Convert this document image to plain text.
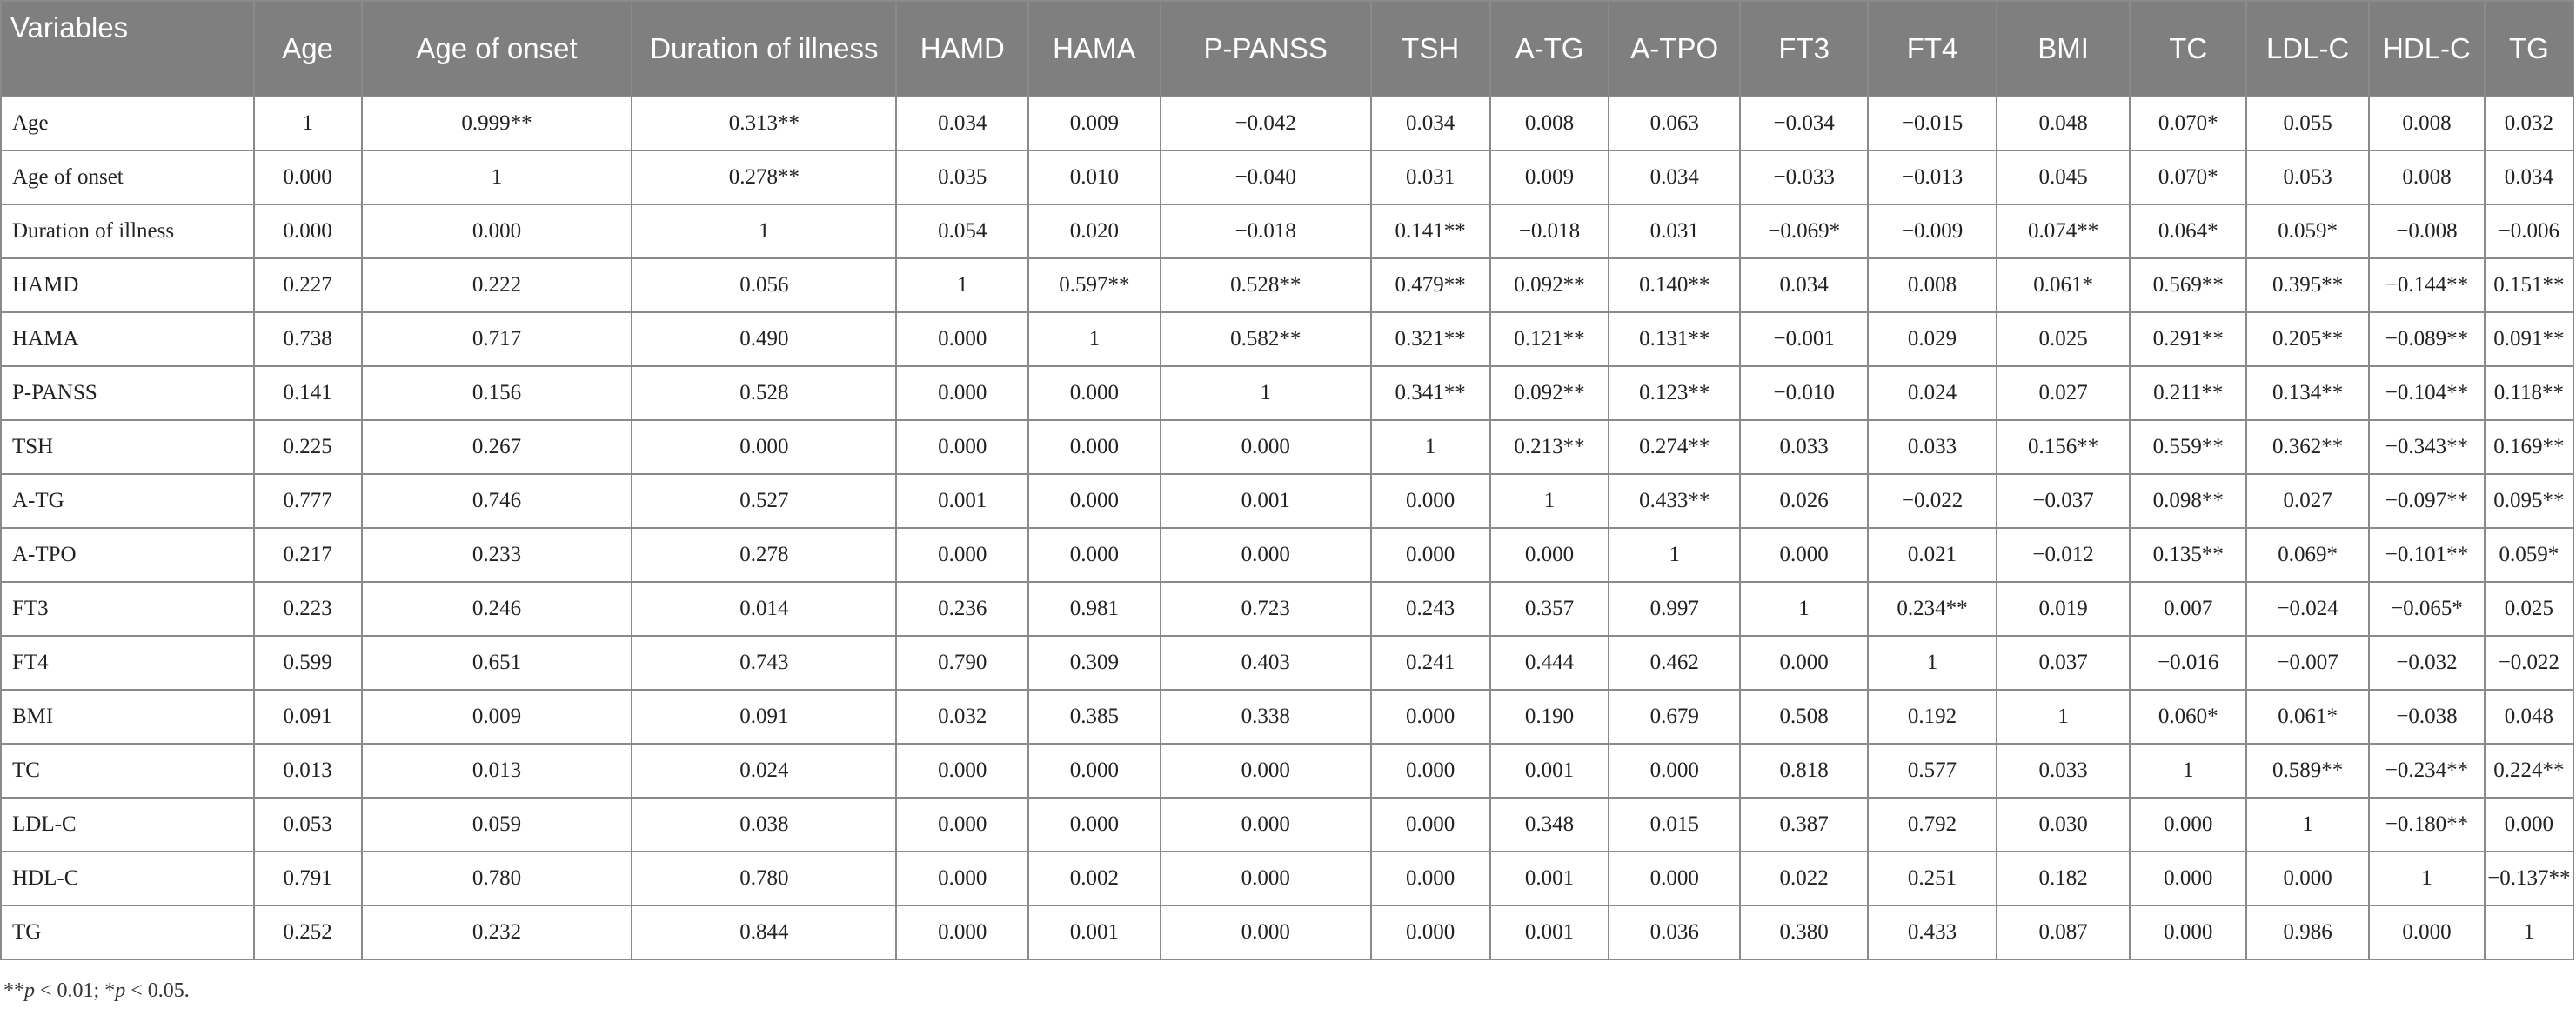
Variables	Age	Age of onset	Duration of illness	HAMD	HAMA	P-PANSS	TSH	A-TG	A-TPO	FT3	FT4	BMI	TC	LDL-C	HDL-C	TG
Age	1	0.999**	0.313**	0.034	0.009	−0.042	0.034	0.008	0.063	−0.034	−0.015	0.048	0.070*	0.055	0.008	0.032
Age of onset	0.000	1	0.278**	0.035	0.010	−0.040	0.031	0.009	0.034	−0.033	−0.013	0.045	0.070*	0.053	0.008	0.034
Duration of illness	0.000	0.000	1	0.054	0.020	−0.018	0.141**	−0.018	0.031	−0.069*	−0.009	0.074**	0.064*	0.059*	−0.008	−0.006
HAMD	0.227	0.222	0.056	1	0.597**	0.528**	0.479**	0.092**	0.140**	0.034	0.008	0.061*	0.569**	0.395**	−0.144**	0.151**
HAMA	0.738	0.717	0.490	0.000	1	0.582**	0.321**	0.121**	0.131**	−0.001	0.029	0.025	0.291**	0.205**	−0.089**	0.091**
P-PANSS	0.141	0.156	0.528	0.000	0.000	1	0.341**	0.092**	0.123**	−0.010	0.024	0.027	0.211**	0.134**	−0.104**	0.118**
TSH	0.225	0.267	0.000	0.000	0.000	0.000	1	0.213**	0.274**	0.033	0.033	0.156**	0.559**	0.362**	−0.343**	0.169**
A-TG	0.777	0.746	0.527	0.001	0.000	0.001	0.000	1	0.433**	0.026	−0.022	−0.037	0.098**	0.027	−0.097**	0.095**
A-TPO	0.217	0.233	0.278	0.000	0.000	0.000	0.000	0.000	1	0.000	0.021	−0.012	0.135**	0.069*	−0.101**	0.059*
FT3	0.223	0.246	0.014	0.236	0.981	0.723	0.243	0.357	0.997	1	0.234**	0.019	0.007	−0.024	−0.065*	0.025
FT4	0.599	0.651	0.743	0.790	0.309	0.403	0.241	0.444	0.462	0.000	1	0.037	−0.016	−0.007	−0.032	−0.022
BMI	0.091	0.009	0.091	0.032	0.385	0.338	0.000	0.190	0.679	0.508	0.192	1	0.060*	0.061*	−0.038	0.048
TC	0.013	0.013	0.024	0.000	0.000	0.000	0.000	0.001	0.000	0.818	0.577	0.033	1	0.589**	−0.234**	0.224**
LDL-C	0.053	0.059	0.038	0.000	0.000	0.000	0.000	0.348	0.015	0.387	0.792	0.030	0.000	1	−0.180**	0.000
HDL-C	0.791	0.780	0.780	0.000	0.002	0.000	0.000	0.001	0.000	0.022	0.251	0.182	0.000	0.000	1	−0.137**
TG	0.252	0.232	0.844	0.000	0.001	0.000	0.000	0.001	0.036	0.380	0.433	0.087	0.000	0.986	0.000	1
**p < 0.01; *p < 0.05.
